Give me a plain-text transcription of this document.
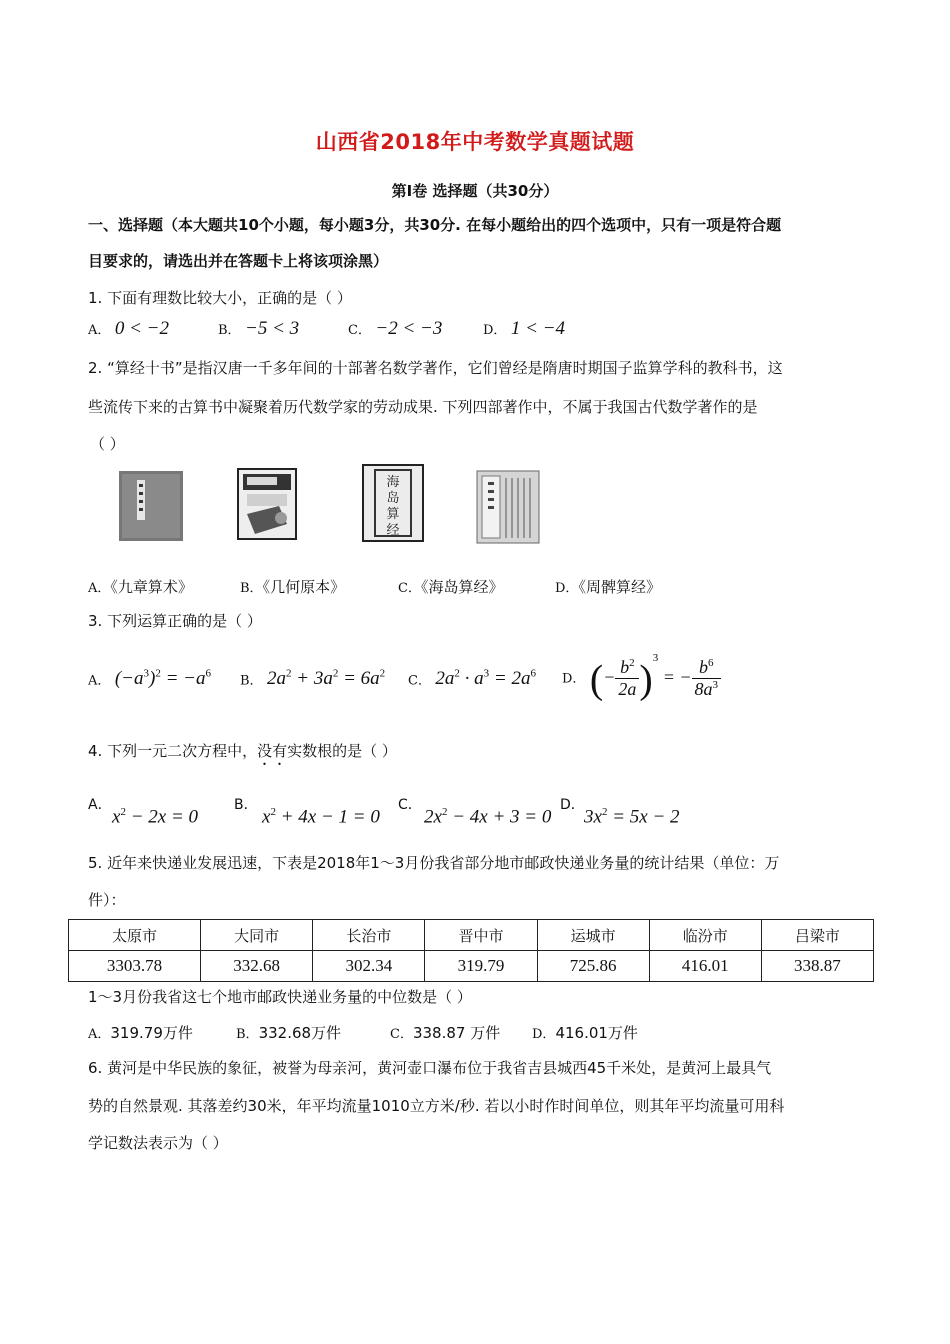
山西省2018年中考数学真题试题
第Ⅰ卷 选择题（共30分）
一、选择题（本大题共10个小题，每小题3分，共30分. 在每小题给出的四个选项中，只有一项是符合题
目要求的，请选出并在答题卡上将该项涂黑）
1. 下面有理数比较大小，正确的是（ ）
A． 0 < −2	B． −5 < 3	C． −2 < −3	D． 1 < −4
2. “算经十书”是指汉唐一千多年间的十部著名数学著作，它们曾经是隋唐时期国子监算学科的教科书，这
些流传下来的古算书中凝聚着历代数学家的劳动成果. 下列四部著作中，不属于我国古代数学著作的是
（ ）
海
岛
算
经
A．《九章算术》	B．《几何原本》	C．《海岛算经》	D．《周髀算经》
3. 下列运算正确的是（ ）
A． $(-a^3)^2 = -a^6$ B． $2a^2 + 3a^2 = 6a^2$ C． $2a^2 \cdot a^3 = 2a^6$ D． (− $\frac{b^2}{2a} )^3$ = − $\frac{b^6}{8a^3}$
4. 下列一元二次方程中，没有实数根的是（ ）
A．
$x^2 - 2x = 0$
B．
$x^2 + 4x - 1 = 0$
C．
$2x^2 - 4x + 3 = 0$
D．
$3x^2 = 5x - 2$
5. 近年来快递业发展迅速，下表是2018年1～3月份我省部分地市邮政快递业务量的统计结果（单位：万
件）：
太原市	大同市	长治市	晋中市	运城市	临汾市	吕梁市
3303.78	332.68	302.34	319.79	725.86	416.01	338.87
1～3月份我省这七个地市邮政快递业务量的中位数是（ ）
A．319.79万件	B．332.68万件	C．338.87 万件 D．416.01万件
6. 黄河是中华民族的象征，被誉为母亲河，黄河壶口瀑布位于我省吉县城西45千米处，是黄河上最具气
势的自然景观. 其落差约30米，年平均流量1010立方米/秒. 若以小时作时间单位，则其年平均流量可用科
学记数法表示为（ ）
